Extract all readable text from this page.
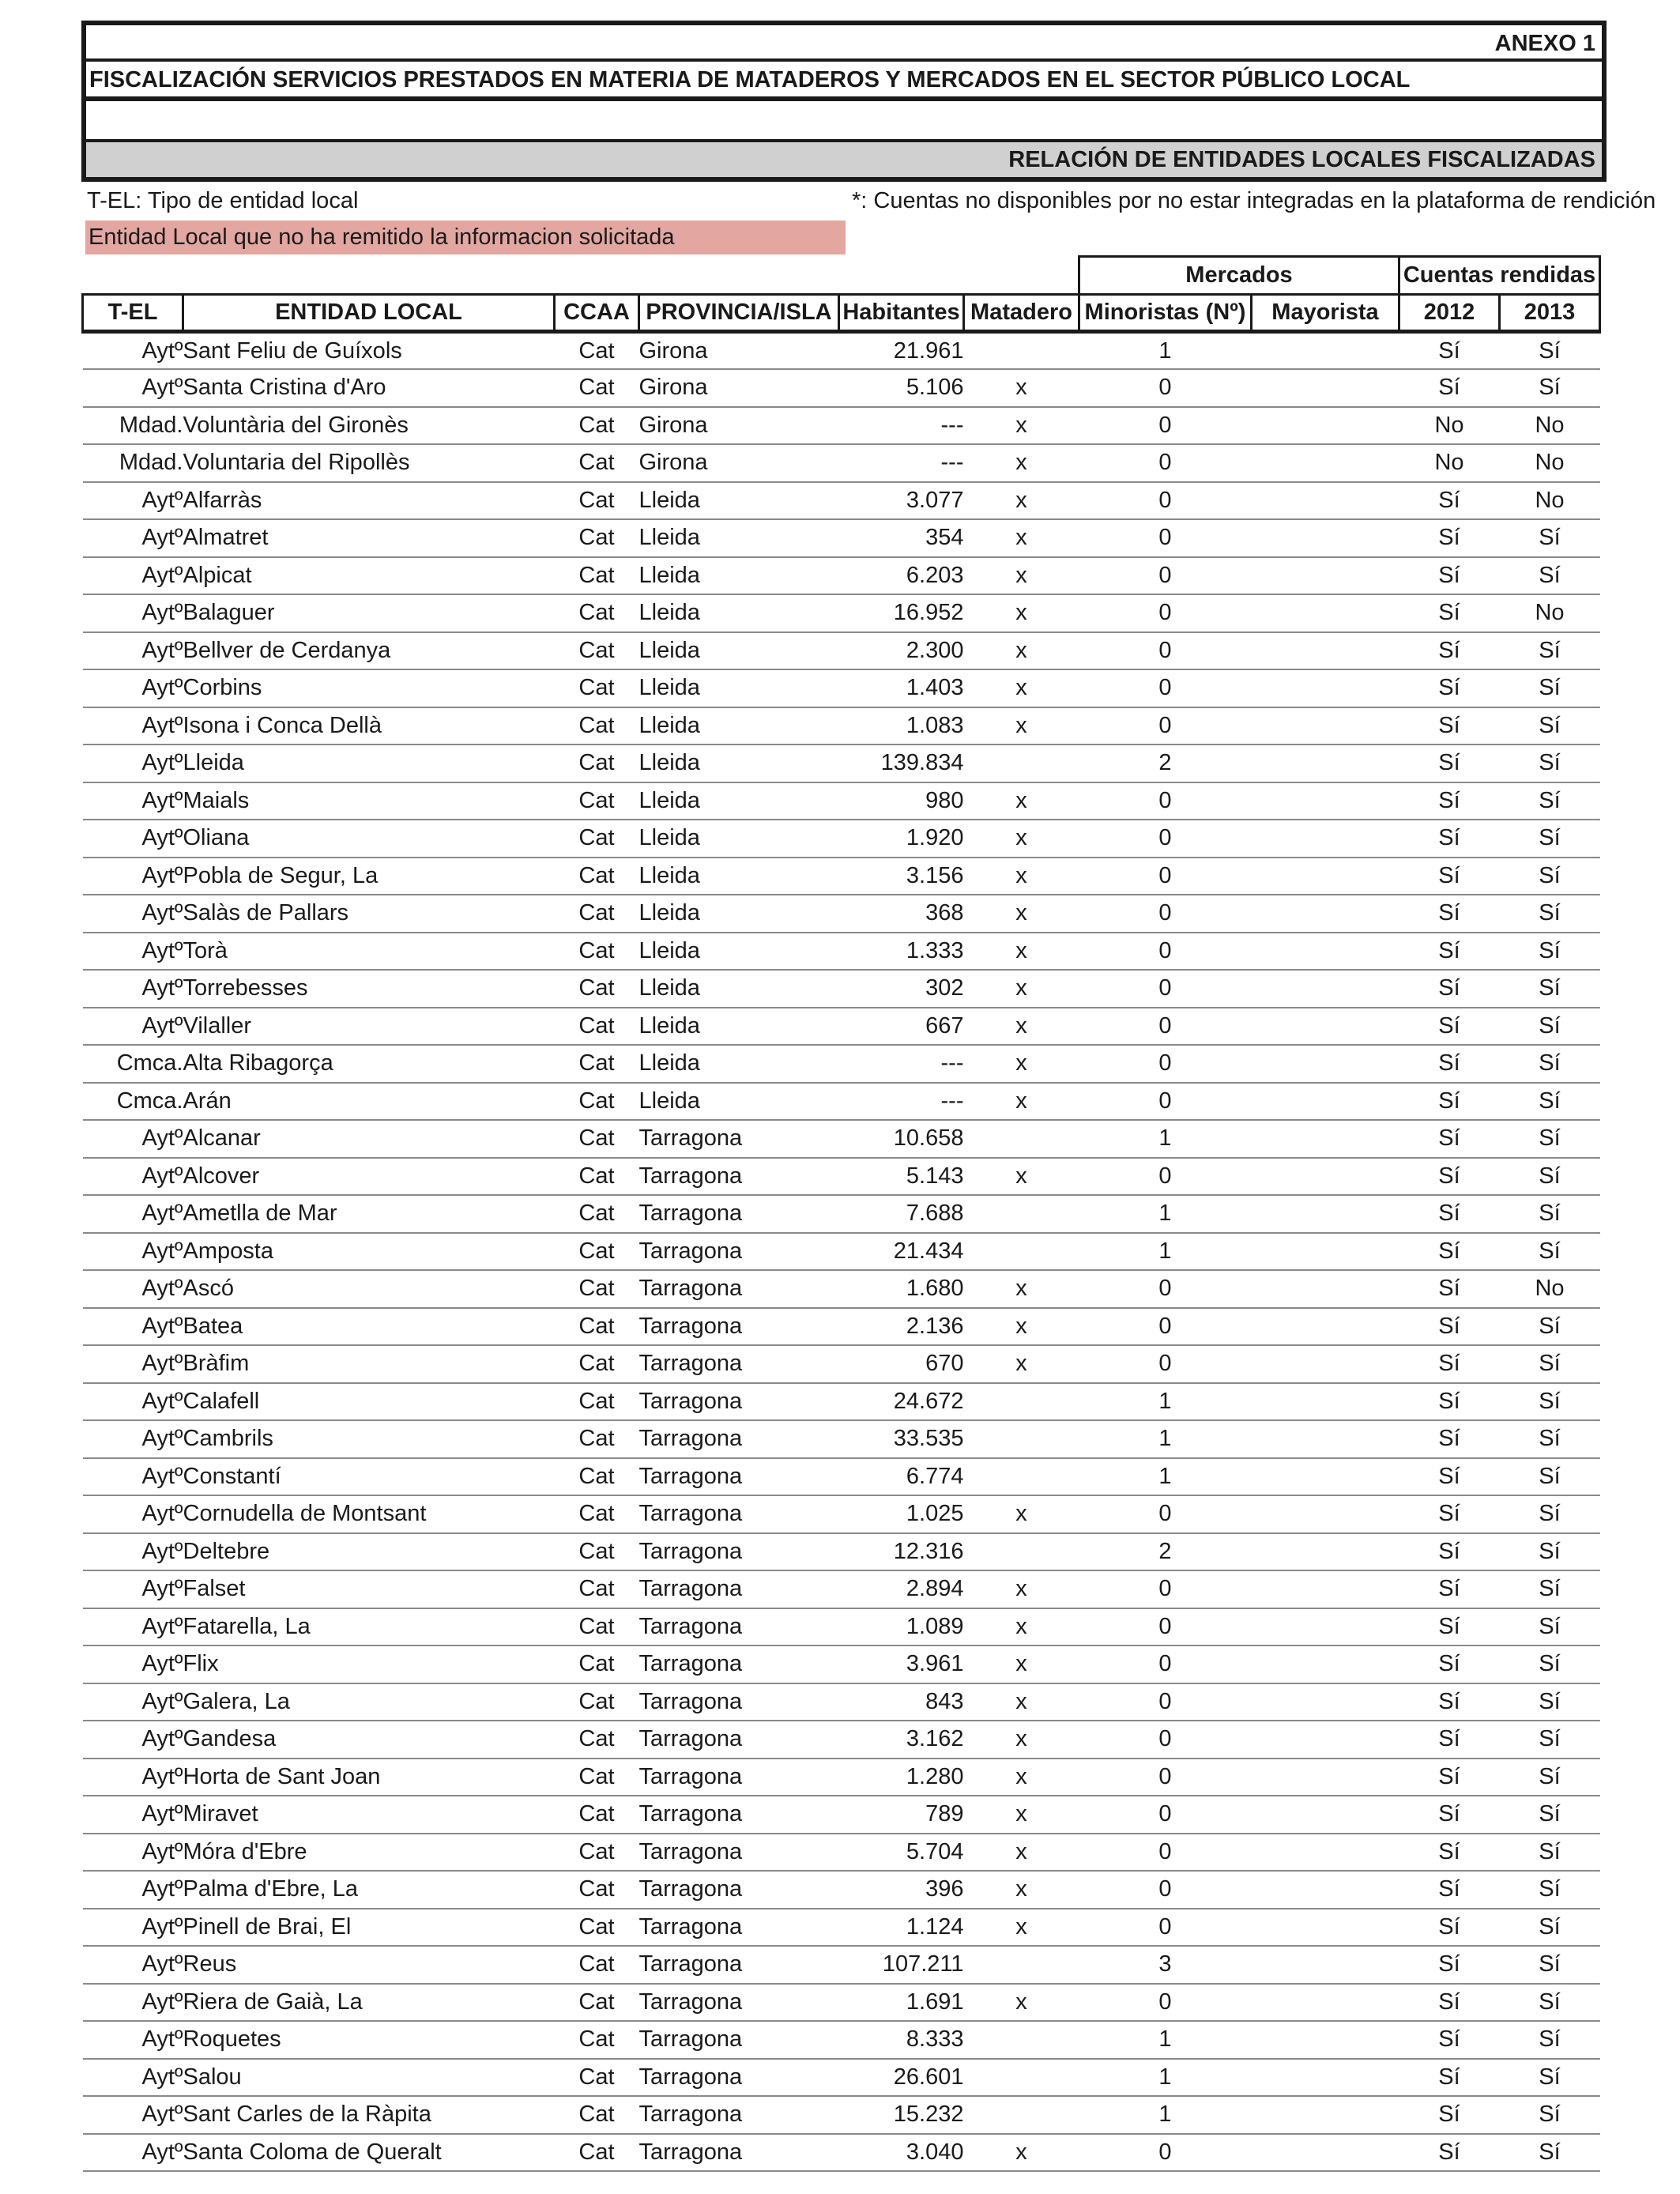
ANEXO 1
FISCALIZACIÓN SERVICIOS PRESTADOS EN MATERIA DE MATADEROS Y MERCADOS EN EL SECTOR PÚBLICO LOCAL
RELACIÓN DE ENTIDADES LOCALES FISCALIZADAS
T-EL: Tipo de entidad local	*: Cuentas no disponibles por no estar integradas en la plataforma de rendición
Entidad Local que no ha remitido la informacion solicitada
						Mercados		Cuentas rendidas	
T-EL	ENTIDAD LOCAL	CCAA	PROVINCIA/ISLA	Habitantes	Matadero	Minoristas (Nº)	Mayorista	2012	2013
Aytº	Sant Feliu de Guíxols	Cat	Girona	21.961		1		Sí	Sí
Aytº	Santa Cristina d'Aro	Cat	Girona	5.106	x	0		Sí	Sí
Mdad.	Voluntària del Gironès	Cat	Girona	---	x	0		No	No
Mdad.	Voluntaria del Ripollès	Cat	Girona	---	x	0		No	No
Aytº	Alfarràs	Cat	Lleida	3.077	x	0		Sí	No
Aytº	Almatret	Cat	Lleida	354	x	0		Sí	Sí
Aytº	Alpicat	Cat	Lleida	6.203	x	0		Sí	Sí
Aytº	Balaguer	Cat	Lleida	16.952	x	0		Sí	No
Aytº	Bellver de Cerdanya	Cat	Lleida	2.300	x	0		Sí	Sí
Aytº	Corbins	Cat	Lleida	1.403	x	0		Sí	Sí
Aytº	Isona i Conca Dellà	Cat	Lleida	1.083	x	0		Sí	Sí
Aytº	Lleida	Cat	Lleida	139.834		2		Sí	Sí
Aytº	Maials	Cat	Lleida	980	x	0		Sí	Sí
Aytº	Oliana	Cat	Lleida	1.920	x	0		Sí	Sí
Aytº	Pobla de Segur, La	Cat	Lleida	3.156	x	0		Sí	Sí
Aytº	Salàs de Pallars	Cat	Lleida	368	x	0		Sí	Sí
Aytº	Torà	Cat	Lleida	1.333	x	0		Sí	Sí
Aytº	Torrebesses	Cat	Lleida	302	x	0		Sí	Sí
Aytº	Vilaller	Cat	Lleida	667	x	0		Sí	Sí
Cmca.	Alta Ribagorça	Cat	Lleida	---	x	0		Sí	Sí
Cmca.	Arán	Cat	Lleida	---	x	0		Sí	Sí
Aytº	Alcanar	Cat	Tarragona	10.658		1		Sí	Sí
Aytº	Alcover	Cat	Tarragona	5.143	x	0		Sí	Sí
Aytº	Ametlla de Mar	Cat	Tarragona	7.688		1		Sí	Sí
Aytº	Amposta	Cat	Tarragona	21.434		1		Sí	Sí
Aytº	Ascó	Cat	Tarragona	1.680	x	0		Sí	No
Aytº	Batea	Cat	Tarragona	2.136	x	0		Sí	Sí
Aytº	Bràfim	Cat	Tarragona	670	x	0		Sí	Sí
Aytº	Calafell	Cat	Tarragona	24.672		1		Sí	Sí
Aytº	Cambrils	Cat	Tarragona	33.535		1		Sí	Sí
Aytº	Constantí	Cat	Tarragona	6.774		1		Sí	Sí
Aytº	Cornudella de Montsant	Cat	Tarragona	1.025	x	0		Sí	Sí
Aytº	Deltebre	Cat	Tarragona	12.316		2		Sí	Sí
Aytº	Falset	Cat	Tarragona	2.894	x	0		Sí	Sí
Aytº	Fatarella, La	Cat	Tarragona	1.089	x	0		Sí	Sí
Aytº	Flix	Cat	Tarragona	3.961	x	0		Sí	Sí
Aytº	Galera, La	Cat	Tarragona	843	x	0		Sí	Sí
Aytº	Gandesa	Cat	Tarragona	3.162	x	0		Sí	Sí
Aytº	Horta de Sant Joan	Cat	Tarragona	1.280	x	0		Sí	Sí
Aytº	Miravet	Cat	Tarragona	789	x	0		Sí	Sí
Aytº	Móra d'Ebre	Cat	Tarragona	5.704	x	0		Sí	Sí
Aytº	Palma d'Ebre, La	Cat	Tarragona	396	x	0		Sí	Sí
Aytº	Pinell de Brai, El	Cat	Tarragona	1.124	x	0		Sí	Sí
Aytº	Reus	Cat	Tarragona	107.211		3		Sí	Sí
Aytº	Riera de Gaià, La	Cat	Tarragona	1.691	x	0		Sí	Sí
Aytº	Roquetes	Cat	Tarragona	8.333		1		Sí	Sí
Aytº	Salou	Cat	Tarragona	26.601		1		Sí	Sí
Aytº	Sant Carles de la Ràpita	Cat	Tarragona	15.232		1		Sí	Sí
Aytº	Santa Coloma de Queralt	Cat	Tarragona	3.040	x	0		Sí	Sí
